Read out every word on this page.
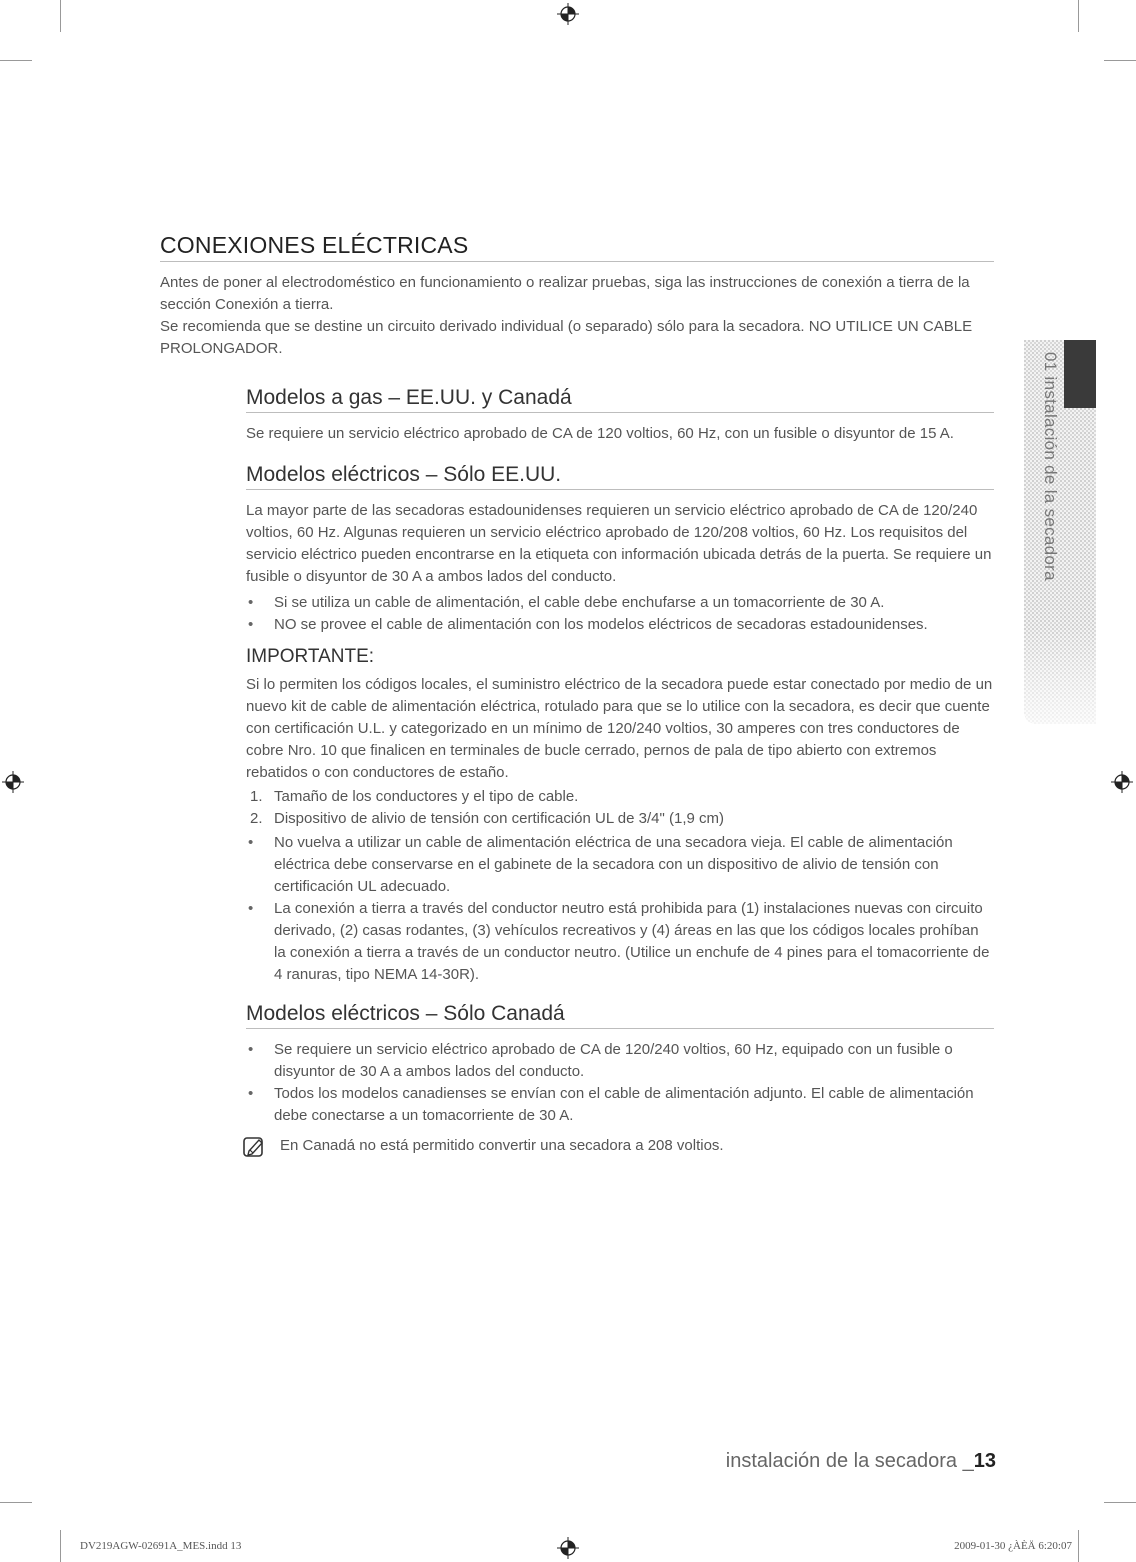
01 instalación de la secadora
CONEXIONES ELÉCTRICAS

Antes de poner al electrodoméstico en funcionamiento o realizar pruebas, siga las instrucciones de conexión a tierra de la sección Conexión a tierra.

Se recomienda que se destine un circuito derivado individual (o separado) sólo para la secadora. NO UTILICE UN CABLE PROLONGADOR.

Modelos a gas – EE.UU. y Canadá

Se requiere un servicio eléctrico aprobado de CA de 120 voltios, 60 Hz, con un fusible o disyuntor de 15 A.

Modelos eléctricos – Sólo EE.UU.

La mayor parte de las secadoras estadounidenses requieren un servicio eléctrico aprobado de CA de 120/240 voltios, 60 Hz. Algunas requieren un servicio eléctrico aprobado de 120/208 voltios, 60 Hz. Los requisitos del servicio eléctrico pueden encontrarse en la etiqueta con información ubicada detrás de la puerta. Se requiere un fusible o disyuntor de 30 A a ambos lados del conducto.

• Si se utiliza un cable de alimentación, el cable debe enchufarse a un tomacorriente de 30 A.
• NO se provee el cable de alimentación con los modelos eléctricos de secadoras estadounidenses.
IMPORTANTE:

Si lo permiten los códigos locales, el suministro eléctrico de la secadora puede estar conectado por medio de un nuevo kit de cable de alimentación eléctrica, rotulado para que se lo utilice con la secadora, es decir que cuente con certificación U.L. y categorizado en un mínimo de 120/240 voltios, 30 amperes con tres conductores de cobre Nro. 10 que finalicen en terminales de bucle cerrado, pernos de pala de tipo abierto con extremos rebatidos o con conductores de estaño.

1. Tamaño de los conductores y el tipo de cable.
2. Dispositivo de alivio de tensión con certificación UL de 3/4" (1,9 cm)
• No vuelva a utilizar un cable de alimentación eléctrica de una secadora vieja. El cable de alimentación eléctrica debe conservarse en el gabinete de la secadora con un dispositivo de alivio de tensión con certificación UL adecuado.
• La conexión a tierra a través del conductor neutro está prohibida para (1) instalaciones nuevas con circuito derivado, (2) casas rodantes, (3) vehículos recreativos y (4) áreas en las que los códigos locales prohíban la conexión a tierra a través de un conductor neutro. (Utilice un enchufe de 4 pines para el tomacorriente de 4 ranuras, tipo NEMA 14-30R).
Modelos eléctricos – Sólo Canadá
• Se requiere un servicio eléctrico aprobado de CA de 120/240 voltios, 60 Hz, equipado con un fusible o disyuntor de 30 A a ambos lados del conducto.
• Todos los modelos canadienses se envían con el cable de alimentación adjunto. El cable de alimentación debe conectarse a un tomacorriente de 30 A.

En Canadá no está permitido convertir una secadora a 208 voltios.

instalación de la secadora _13
DV219AGW-02691A_MES.indd 13	2009-01-30 ¿ÀÈÄ 6:20:07
